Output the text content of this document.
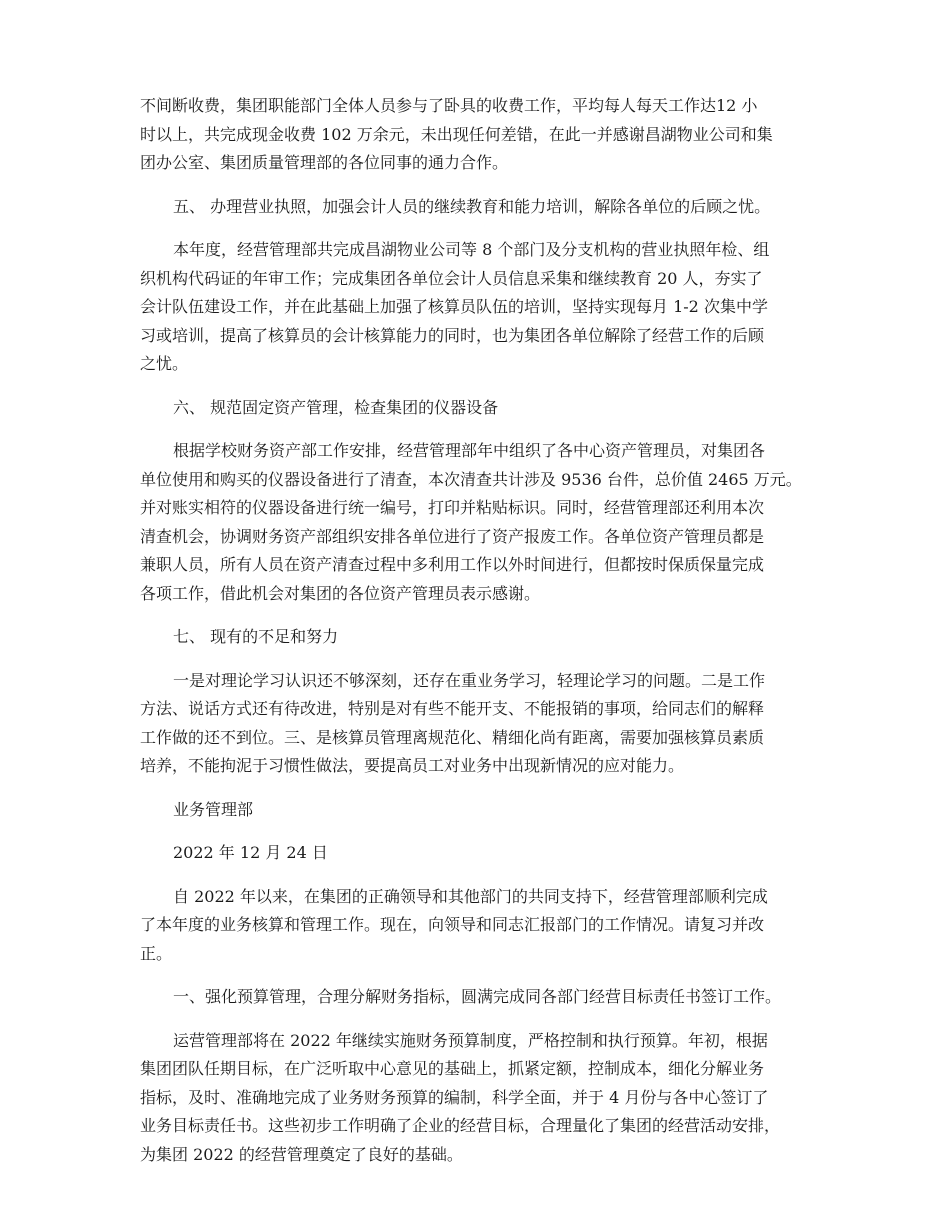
不间断收费，集团职能部门全体人员参与了卧具的收费工作，平均每人每天工作达12 小
时以上，共完成现金收费 102 万余元，未出现任何差错，在此一并感谢昌湖物业公司和集
团办公室、集团质量管理部的各位同事的通力合作。
五、 办理营业执照，加强会计人员的继续教育和能力培训，解除各单位的后顾之忧。
本年度，经营管理部共完成昌湖物业公司等 8 个部门及分支机构的营业执照年检、组
织机构代码证的年审工作；完成集团各单位会计人员信息采集和继续教育 20 人，夯实了
会计队伍建设工作，并在此基础上加强了核算员队伍的培训，坚持实现每月 1-2 次集中学
习或培训，提高了核算员的会计核算能力的同时，也为集团各单位解除了经营工作的后顾
之忧。
六、 规范固定资产管理，检查集团的仪器设备
根据学校财务资产部工作安排，经营管理部年中组织了各中心资产管理员，对集团各
单位使用和购买的仪器设备进行了清查，本次清查共计涉及 9536 台件，总价值 2465 万元。
并对账实相符的仪器设备进行统一编号，打印并粘贴标识。同时，经营管理部还利用本次
清查机会，协调财务资产部组织安排各单位进行了资产报废工作。各单位资产管理员都是
兼职人员，所有人员在资产清查过程中多利用工作以外时间进行，但都按时保质保量完成
各项工作，借此机会对集团的各位资产管理员表示感谢。
七、 现有的不足和努力
一是对理论学习认识还不够深刻，还存在重业务学习，轻理论学习的问题。二是工作
方法、说话方式还有待改进，特别是对有些不能开支、不能报销的事项，给同志们的解释
工作做的还不到位。三、是核算员管理离规范化、精细化尚有距离，需要加强核算员素质
培养，不能拘泥于习惯性做法，要提高员工对业务中出现新情况的应对能力。
业务管理部
2022 年 12 月 24 日
自 2022 年以来，在集团的正确领导和其他部门的共同支持下，经营管理部顺利完成
了本年度的业务核算和管理工作。现在，向领导和同志汇报部门的工作情况。请复习并改
正。
一、强化预算管理，合理分解财务指标，圆满完成同各部门经营目标责任书签订工作。
运营管理部将在 2022 年继续实施财务预算制度，严格控制和执行预算。年初，根据
集团团队任期目标，在广泛听取中心意见的基础上，抓紧定额，控制成本，细化分解业务
指标，及时、准确地完成了业务财务预算的编制，科学全面，并于 4 月份与各中心签订了
业务目标责任书。这些初步工作明确了企业的经营目标，合理量化了集团的经营活动安排，
为集团 2022 的经营管理奠定了良好的基础。
